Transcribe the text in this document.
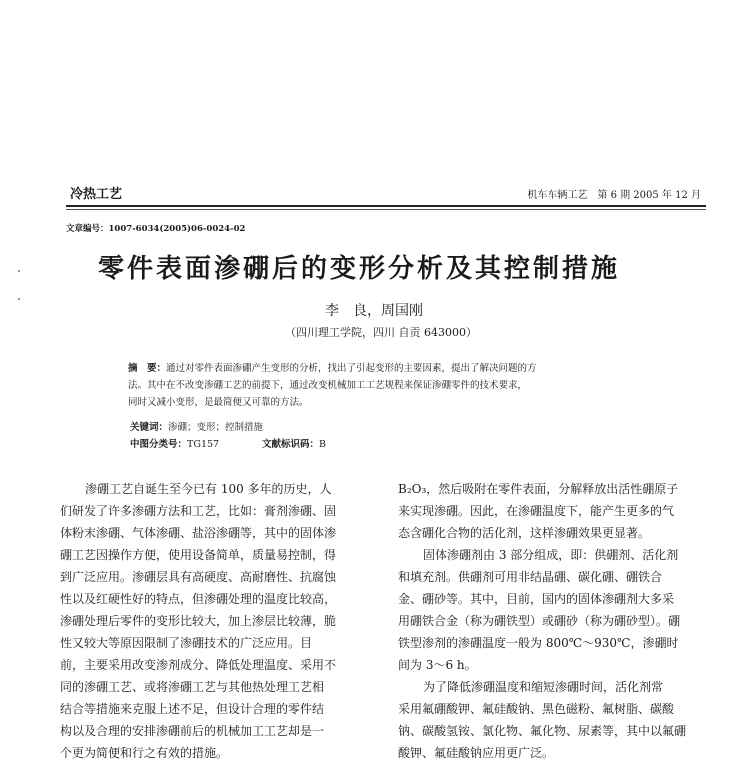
冷热工艺	机车车辆工艺　第 6 期 2005 年 12 月
文章编号：1007-6034(2005)06-0024-02
零件表面渗硼后的变形分析及其控制措施
李　良，周国刚
（四川理工学院，四川 自贡 643000）
摘　要：通过对零件表面渗硼产生变形的分析，找出了引起变形的主要因素，提出了解决问题的方
法。其中在不改变渗硼工艺的前提下，通过改变机械加工工艺规程来保证渗硼零件的技术要求，
同时又减小变形，是最简便又可靠的方法。
关键词：渗硼；变形；控制措施
中图分类号：TG157	文献标识码：B
渗硼工艺自诞生至今已有 100 多年的历史，人
们研发了许多渗硼方法和工艺，比如：膏剂渗硼、固
体粉末渗硼、气体渗硼、盐浴渗硼等，其中的固体渗
硼工艺因操作方便，使用设备简单，质量易控制，得
到广泛应用。渗硼层具有高硬度、高耐磨性、抗腐蚀
性以及红硬性好的特点，但渗硼处理的温度比较高，
渗硼处理后零件的变形比较大，加上渗层比较薄，脆
性又较大等原因限制了渗硼技术的广泛应用。目
前，主要采用改变渗剂成分、降低处理温度、采用不
同的渗硼工艺、或将渗硼工艺与其他热处理工艺相
结合等措施来克服上述不足，但设计合理的零件结
构以及合理的安排渗硼前后的机械加工工艺却是一
个更为简便和行之有效的措施。
B₂O₃，然后吸附在零件表面，分解释放出活性硼原子
来实现渗硼。因此，在渗硼温度下，能产生更多的气
态含硼化合物的活化剂，这样渗硼效果更显著。
固体渗硼剂由 3 部分组成，即：供硼剂、活化剂
和填充剂。供硼剂可用非结晶硼、碳化硼、硼铁合
金、硼砂等。其中，目前，国内的固体渗硼剂大多采
用硼铁合金（称为硼铁型）或硼砂（称为硼砂型）。硼
铁型渗剂的渗硼温度一般为 800℃～930℃，渗硼时
间为 3～6 h。
为了降低渗硼温度和缩短渗硼时间，活化剂常
采用氟硼酸钾、氟硅酸钠、黑色磁粉、氟树脂、碳酸
钠、碳酸氢铵、氯化物、氟化物、尿素等，其中以氟硼
酸钾、氟硅酸钠应用更广泛。
